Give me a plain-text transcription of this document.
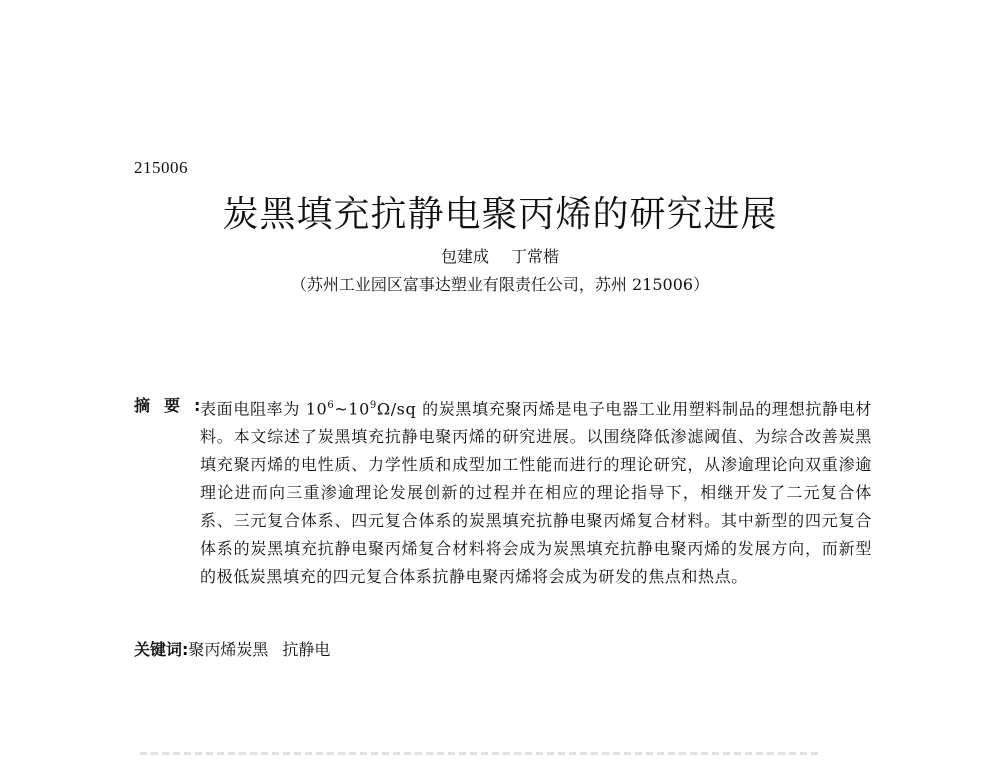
215006
炭黑填充抗静电聚丙烯的研究进展
包建成 丁常楷
（苏州工业园区富事达塑业有限责任公司，苏州 215006）
摘要:
表面电阻率为 $10^6\sim 10^9\Omega/sq$ 的炭黑填充聚丙烯是电子电器工业用塑料制品的理想抗静电材料。本文综述了炭黑填充抗静电聚丙烯的研究进展。以围绕降低渗滤阈值、为综合改善炭黑填充聚丙烯的电性质、力学性质和成型加工性能而进行的理论研究，从渗逾理论向双重渗逾理论进而向三重渗逾理论发展创新的过程并在相应的理论指导下，相继开发了二元复合体系、三元复合体系、四元复合体系的炭黑填充抗静电聚丙烯复合材料。其中新型的四元复合体系的炭黑填充抗静电聚丙烯复合材料将会成为炭黑填充抗静电聚丙烯的发展方向，而新型的极低炭黑填充的四元复合体系抗静电聚丙烯将会成为研发的焦点和热点。
关键词:聚丙烯炭黑 抗静电
